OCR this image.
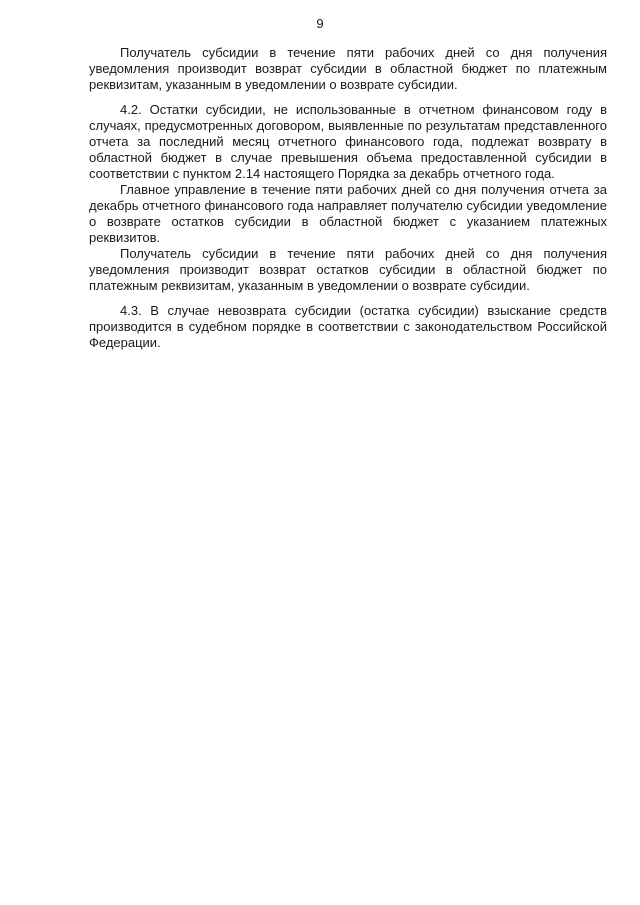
9

Получатель субсидии в течение пяти рабочих дней со дня получения уведомления производит возврат субсидии в областной бюджет по платежным реквизитам, указанным в уведомлении о возврате субсидии.

4.2. Остатки субсидии, не использованные в отчетном финансовом году в случаях, предусмотренных договором, выявленные по результатам представленного отчета за последний месяц отчетного финансового года, подлежат возврату в областной бюджет в случае превышения объема предоставленной субсидии в соответствии с пунктом 2.14 настоящего Порядка за декабрь отчетного года.

Главное управление в течение пяти рабочих дней со дня получения отчета за декабрь отчетного финансового года направляет получателю субсидии уведомление о возврате остатков субсидии в областной бюджет с указанием платежных реквизитов.

Получатель субсидии в течение пяти рабочих дней со дня получения уведомления производит возврат остатков субсидии в областной бюджет по платежным реквизитам, указанным в уведомлении о возврате субсидии.

4.3. В случае невозврата субсидии (остатка субсидии) взыскание средств производится в судебном порядке в соответствии с законодательством Российской Федерации.
